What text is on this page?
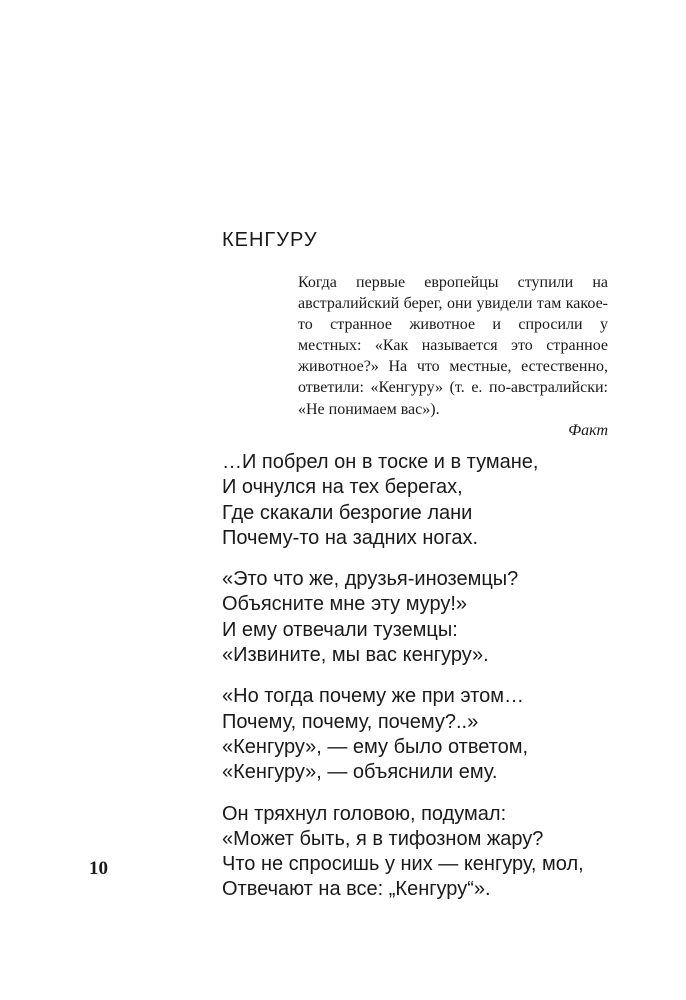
КЕНГУРУ

Когда первые европейцы ступили на австралийский берег, они увидели там какое-то странное животное и спросили у местных: «Как называется это странное животное?» На что местные, естественно, ответили: «Кенгуру» (т. е. по-австралийски: «Не понимаем вас»).

Факт

…И побрел он в тоске и в тумане,
И очнулся на тех берегах,
Где скакали безрогие лани
Почему-то на задних ногах.
«Это что же, друзья-иноземцы?
Объясните мне эту муру!»
И ему отвечали туземцы:
«Извините, мы вас кенгуру».
«Но тогда почему же при этом…
Почему, почему, почему?..»
«Кенгуру», — ему было ответом,
«Кенгуру», — объяснили ему.
Он тряхнул головою, подумал:
«Может быть, я в тифозном жару?
Что не спросишь у них — кенгуру, мол,
Отвечают на все: „Кенгуру“».

10
